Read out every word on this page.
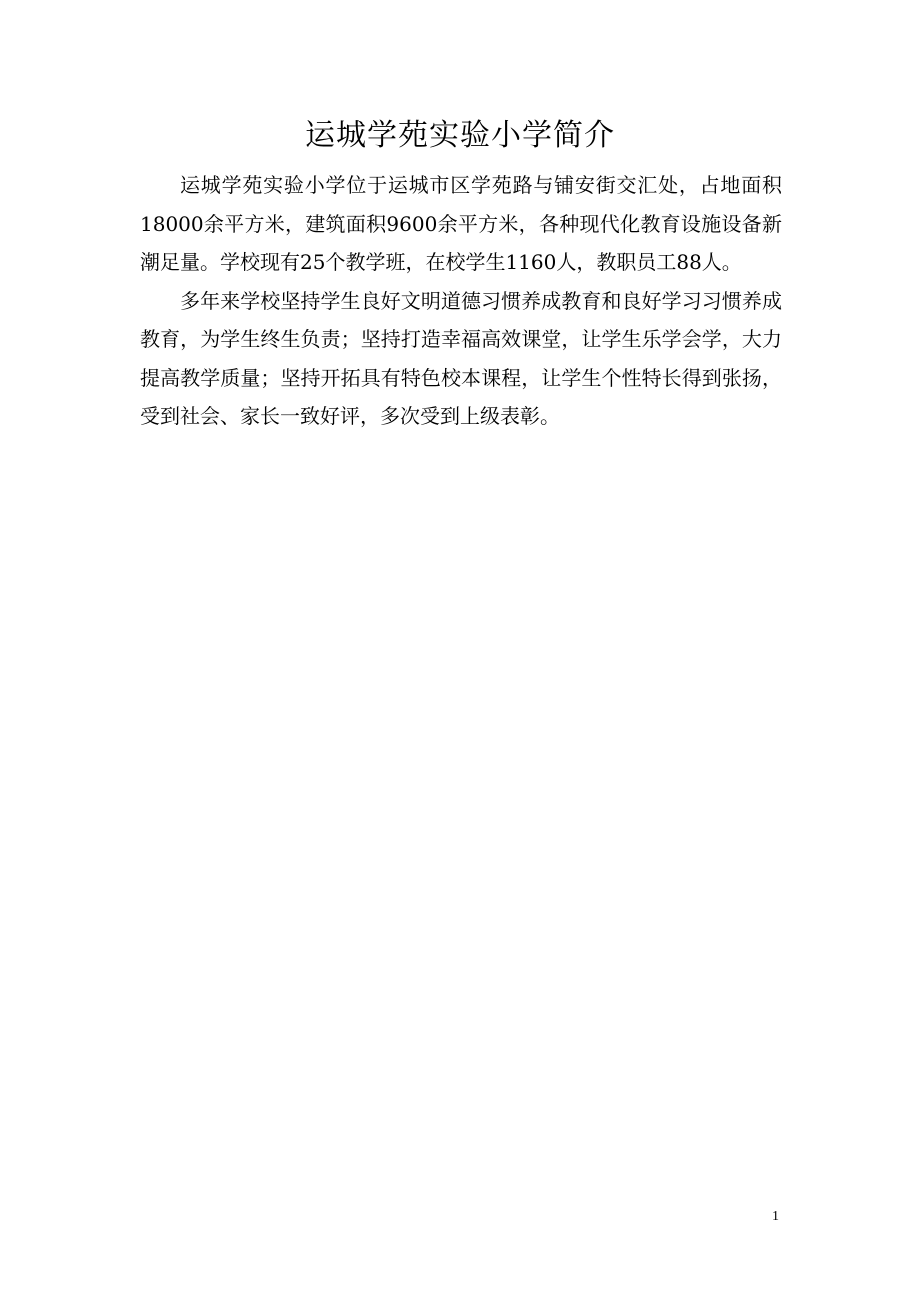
运城学苑实验小学简介

运城学苑实验小学位于运城市区学苑路与铺安街交汇处，占地面积18000余平方米，建筑面积9600余平方米，各种现代化教育设施设备新潮足量。学校现有25个教学班，在校学生1160人，教职员工88人。

多年来学校坚持学生良好文明道德习惯养成教育和良好学习习惯养成教育，为学生终生负责；坚持打造幸福高效课堂，让学生乐学会学，大力提高教学质量；坚持开拓具有特色校本课程，让学生个性特长得到张扬，受到社会、家长一致好评，多次受到上级表彰。

1
